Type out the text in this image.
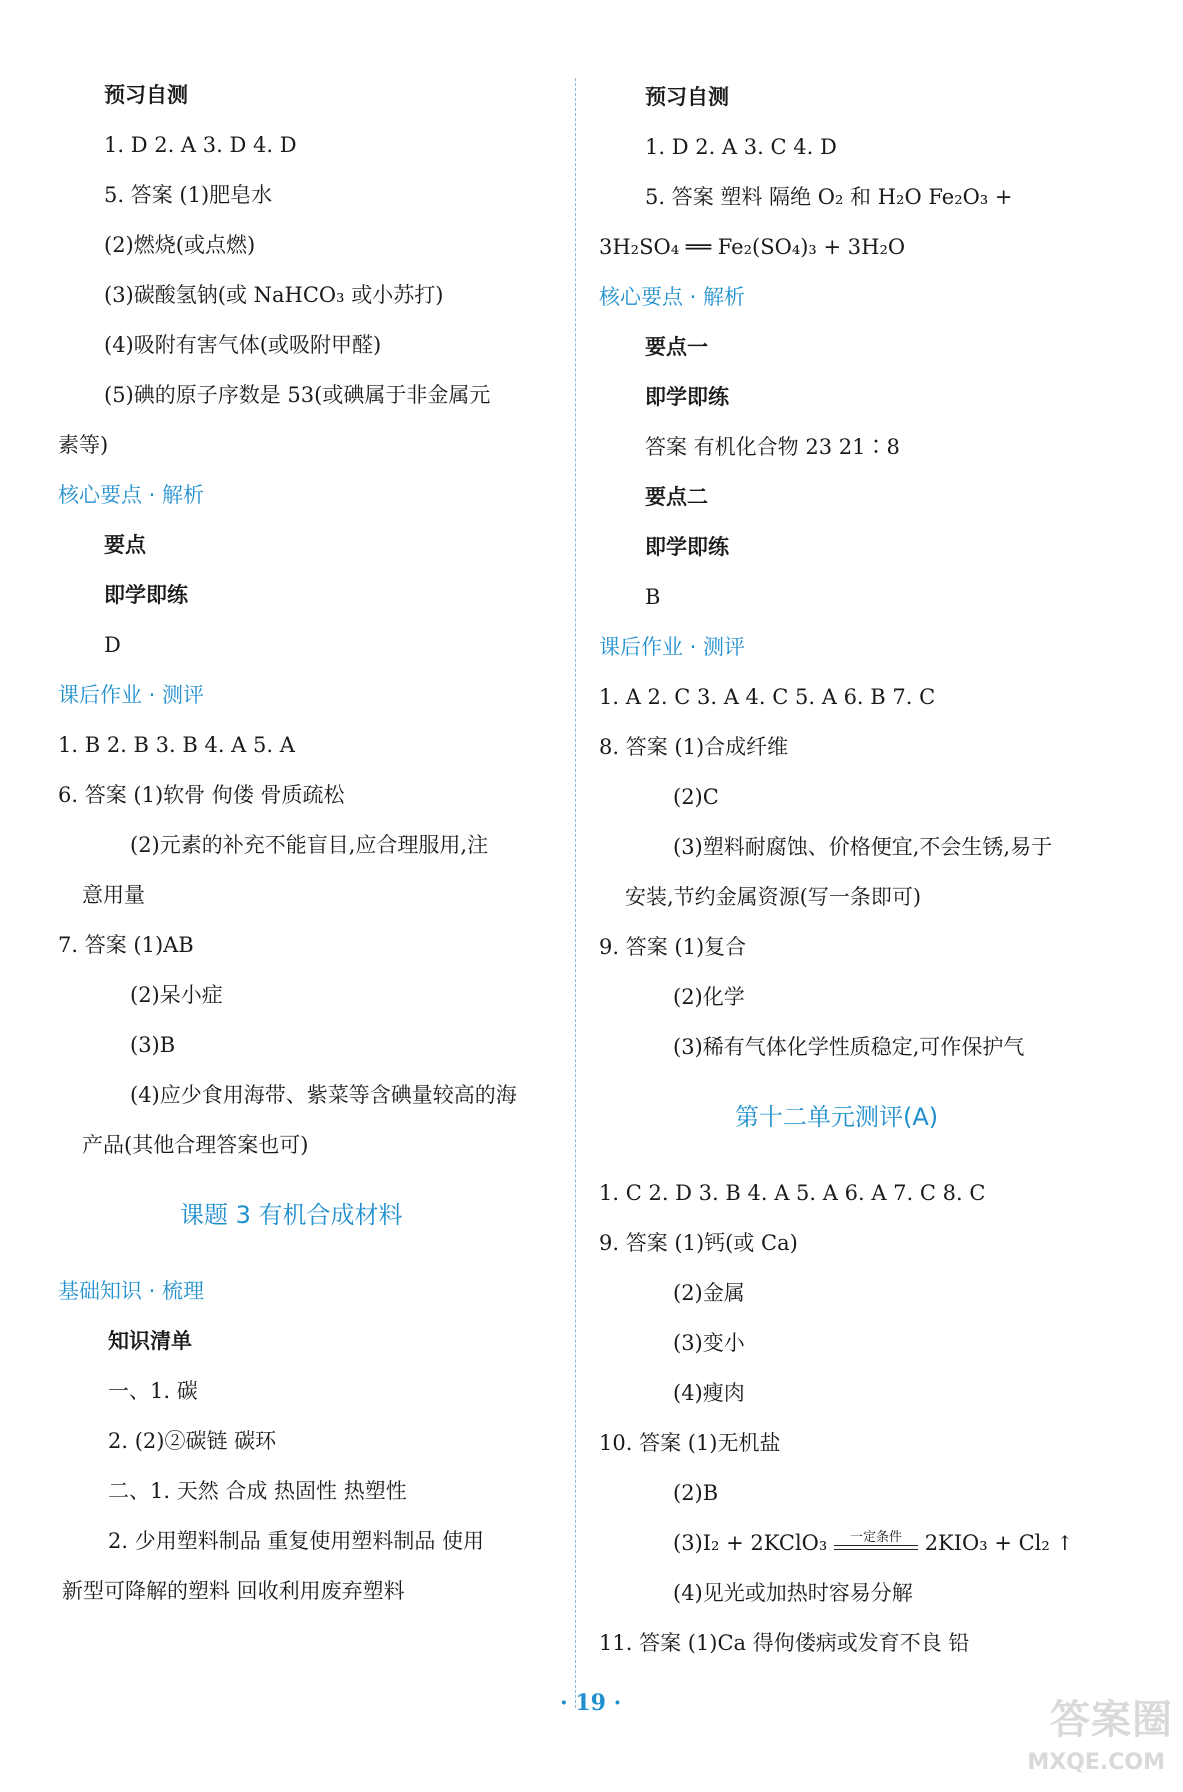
预习自测
1. D 2. A 3. D 4. D
5. 答案 (1)肥皂水
(2)燃烧(或点燃)
(3)碳酸氢钠(或 NaHCO₃ 或小苏打)
(4)吸附有害气体(或吸附甲醛)
(5)碘的原子序数是 53(或碘属于非金属元
素等)
核心要点 · 解析
要点
即学即练
D
课后作业 · 测评
1. B 2. B 3. B 4. A 5. A
6. 答案 (1)软骨 佝偻 骨质疏松
(2)元素的补充不能盲目,应合理服用,注
意用量
7. 答案 (1)AB
(2)呆小症
(3)B
(4)应少食用海带、紫菜等含碘量较高的海
产品(其他合理答案也可)
课题 3 有机合成材料
基础知识 · 梳理
知识清单
一、1. 碳
2. (2)②碳链 碳环
二、1. 天然 合成 热固性 热塑性
2. 少用塑料制品 重复使用塑料制品 使用
新型可降解的塑料 回收利用废弃塑料
(3)I₂ + 2KClO₃	一定条件	2KIO₃ + Cl₂ ↑
预习自测
1. D 2. A 3. C 4. D
5. 答案 塑料 隔绝 O₂ 和 H₂O Fe₂O₃ +
3H₂SO₄ ══ Fe₂(SO₄)₃ + 3H₂O
核心要点 · 解析
要点一
即学即练
答案 有机化合物 23 21∶8
要点二
即学即练
B
课后作业 · 测评
1. A 2. C 3. A 4. C 5. A 6. B 7. C
8. 答案 (1)合成纤维
(2)C
(3)塑料耐腐蚀、价格便宜,不会生锈,易于
安装,节约金属资源(写一条即可)
9. 答案 (1)复合
(2)化学
(3)稀有气体化学性质稳定,可作保护气
第十二单元测评(A)
1. C 2. D 3. B 4. A 5. A 6. A 7. C 8. C
9. 答案 (1)钙(或 Ca)
(2)金属
(3)变小
(4)瘦肉
10. 答案 (1)无机盐
(2)B
(4)见光或加热时容易分解
11. 答案 (1)Ca 得佝偻病或发育不良 铅
· 19 ·	答案圈
MXQE.COM
